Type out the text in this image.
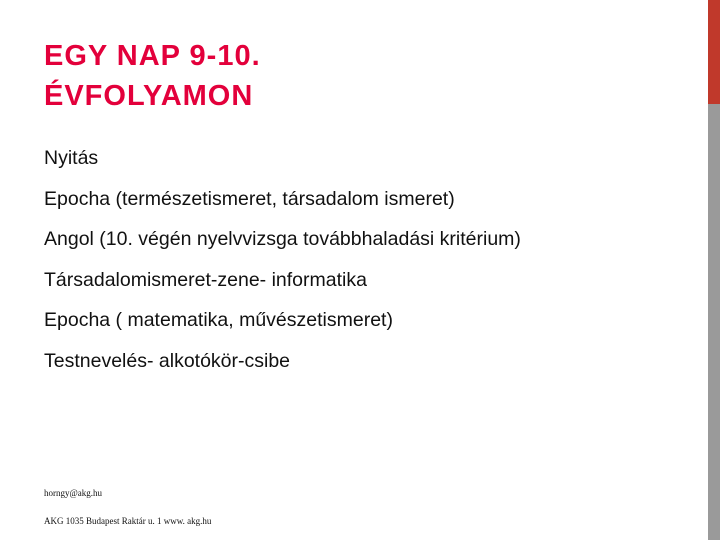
EGY NAP 9-10.
ÉVFOLYAMON
Nyitás
Epocha (természetismeret, társadalom ismeret)
Angol (10. végén nyelvvizsga továbbhaladási kritérium)
Társadalomismeret-zene- informatika
Epocha ( matematika, művészetismeret)
Testnevelés- alkotókör-csibe
horngy@akg.hu
AKG 1035 Budapest Raktár u. 1 www. akg.hu
